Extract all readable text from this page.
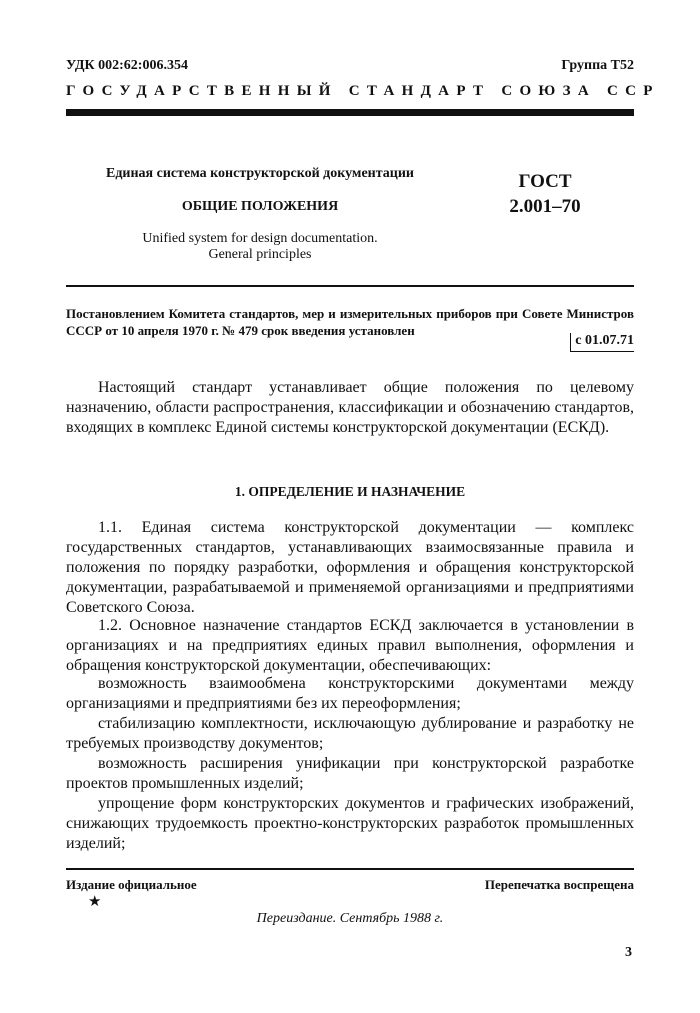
УДК 002:62:006.354	Группа Т52
ГОСУДАРСТВЕННЫЙ СТАНДАРТ СОЮЗА ССР
Единая система конструкторской документации
ОБЩИЕ ПОЛОЖЕНИЯ
Unified system for design documentation.
General principles
ГОСТ
2.001–70
Постановлением Комитета стандартов, мер и измерительных приборов при Совете Министров СССР от 10 апреля 1970 г. № 479 срок введения установлен
с 01.07.71

Настоящий стандарт устанавливает общие положения по целевому назначению, области распространения, классификации и обозначению стандартов, входящих в комплекс Единой системы конструкторской документации (ЕСКД).

1. ОПРЕДЕЛЕНИЕ И НАЗНАЧЕНИЕ

1.1. Единая система конструкторской документации — комплекс государственных стандартов, устанавливающих взаимосвязанные правила и положения по порядку разработки, оформления и обращения конструкторской документации, разрабатываемой и применяемой организациями и предприятиями Советского Союза.

1.2. Основное назначение стандартов ЕСКД заключается в установлении в организациях и на предприятиях единых правил выполнения, оформления и обращения конструкторской документации, обеспечивающих:

возможность взаимообмена конструкторскими документами между организациями и предприятиями без их переоформления;

стабилизацию комплектности, исключающую дублирование и разработку не требуемых производству документов;

возможность расширения унификации при конструкторской разработке проектов промышленных изделий;

упрощение форм конструкторских документов и графических изображений, снижающих трудоемкость проектно-конструкторских разработок промышленных изделий;

Издание официальное	Перепечатка воспрещена
★
Переиздание. Сентябрь 1988 г.
3
